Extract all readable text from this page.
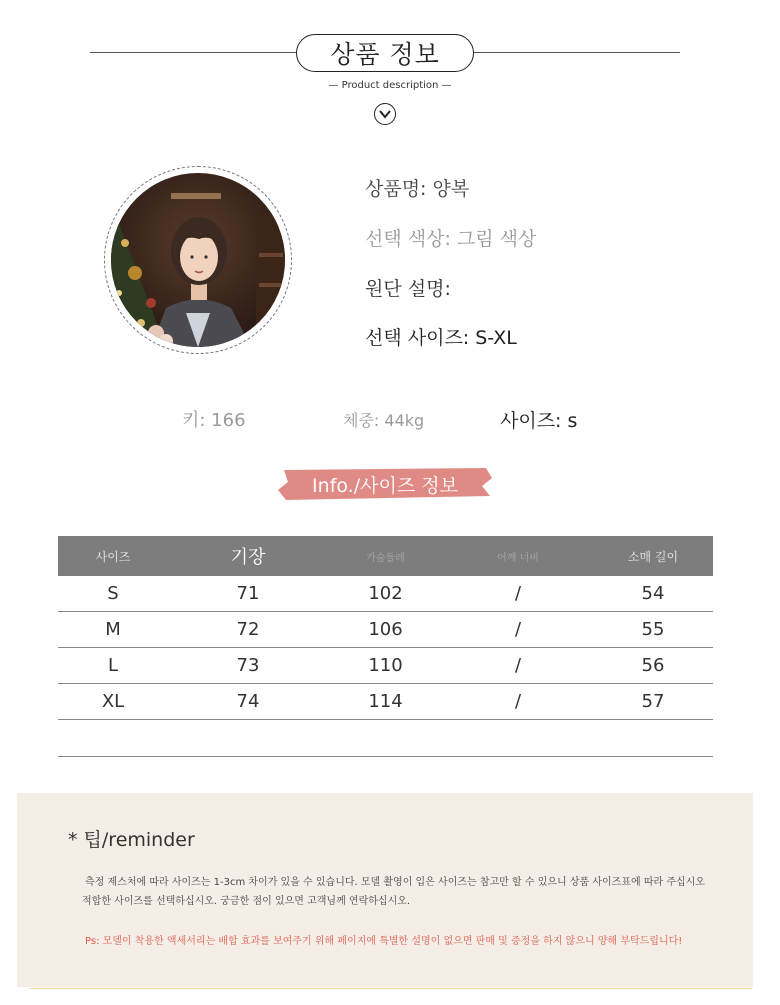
상품 정보
— Product description —
상품명: 양복
선택 색상: 그림 색상
원단 설명:
선택 사이즈: S-XL
키: 166	체중: 44kg	사이즈: s
Info./사이즈 정보
사이즈	기장	가슴둘레	어깨 너비	소매 길이
S	71	102	/	54
M	72	106	/	55
L	73	110	/	56
XL	74	114	/	57
* 팁/reminder
측정 제스처에 따라 사이즈는 1-3cm 차이가 있을 수 있습니다. 모델 촬영이 입은 사이즈는 참고만 할 수 있으니 상품 사이즈표에 따라 주십시오
적합한 사이즈를 선택하십시오. 궁금한 점이 있으면 고객님께 연락하십시오.
Ps: 모델이 착용한 액세서리는 배합 효과를 보여주기 위해 페이지에 특별한 설명이 없으면 판매 및 증정을 하지 않으니 양해 부탁드립니다!
